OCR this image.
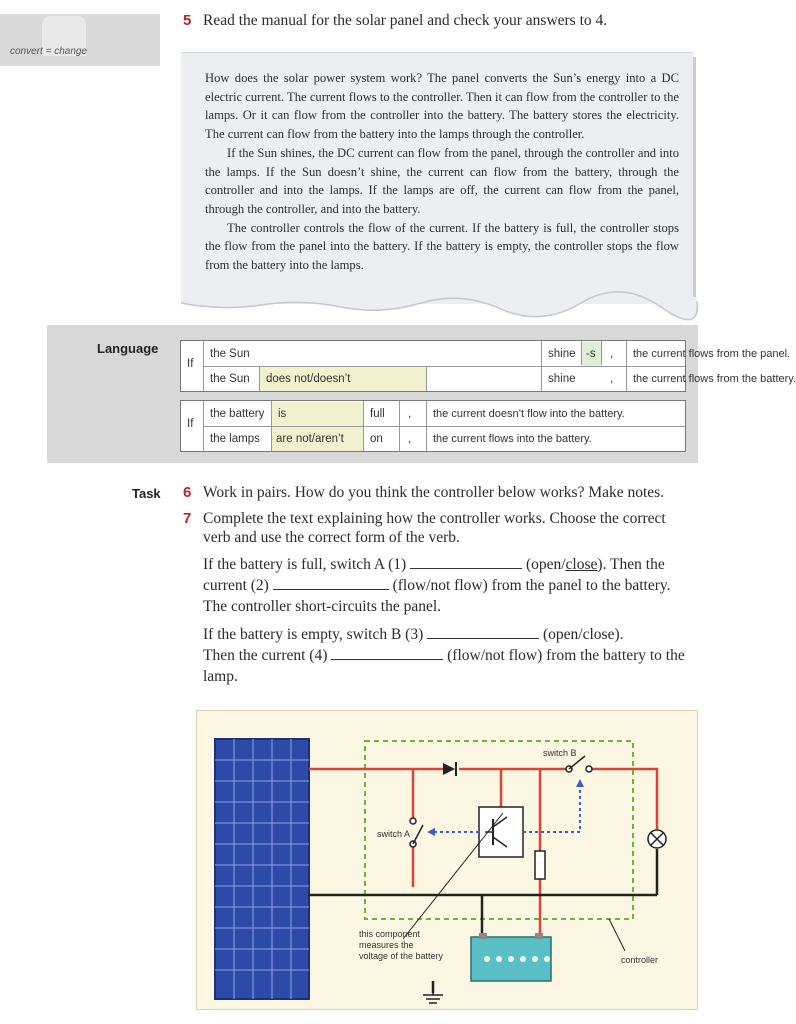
convert = change
5 Read the manual for the solar panel and check your answers to 4.

How does the solar power system work? The panel converts the Sun’s energy into a DC electric current. The current flows to the controller. Then it can flow from the controller to the lamps. Or it can flow from the controller into the battery. The battery stores the electricity. The current can flow from the battery into the lamps through the controller.

If the Sun shines, the DC current can flow from the panel, through the controller and into the lamps. If the Sun doesn’t shine, the current can flow from the battery, through the controller and into the lamps. If the lamps are off, the current can flow from the panel, through the controller, and into the battery.

The controller controls the flow of the current. If the battery is full, the controller stops the flow from the panel into the battery. If the battery is empty, the controller stops the flow from the battery into the lamps.

Language
If
the Sun	shine -s	,	the current flows from the panel.
the Sun	does not/doesn’t	shine	,	the current flows from the battery.
If
the battery	is	full	,	the current doesn’t flow into the battery.
the lamps	are not/aren’t	on	,	the current flows into the battery.
Task 6 Work in pairs. How do you think the controller below works? Make notes.
7 Complete the text explaining how the controller works. Choose the correct
verb and use the correct form of the verb.
If the battery is full, switch A (1)	(open/close). Then the
current (2)	(flow/not flow) from the panel to the battery.
The controller short-circuits the panel.
If the battery is empty, switch B (3)	(open/close).
Then the current (4)	(flow/not flow) from the battery to the
lamp.
switch B
switch A
this component measures the voltage of the battery	controller
